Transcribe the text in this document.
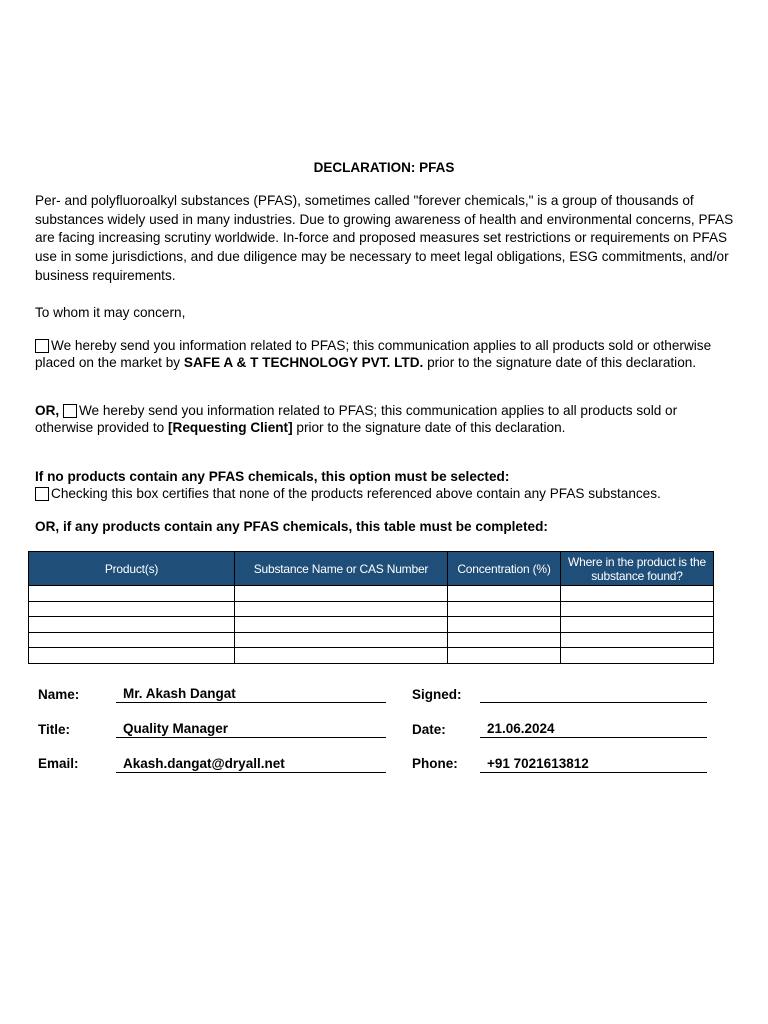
DECLARATION: PFAS
Per- and polyfluoroalkyl substances (PFAS), sometimes called "forever chemicals," is a group of thousands of substances widely used in many industries. Due to growing awareness of health and environmental concerns, PFAS are facing increasing scrutiny worldwide. In-force and proposed measures set restrictions or requirements on PFAS use in some jurisdictions, and due diligence may be necessary to meet legal obligations, ESG commitments, and/or business requirements.
To whom it may concern,
We hereby send you information related to PFAS; this communication applies to all products sold or otherwise placed on the market by SAFE A & T TECHNOLOGY PVT. LTD. prior to the signature date of this declaration.
OR, We hereby send you information related to PFAS; this communication applies to all products sold or otherwise provided to [Requesting Client] prior to the signature date of this declaration.
If no products contain any PFAS chemicals, this option must be selected:
Checking this box certifies that none of the products referenced above contain any PFAS substances.
OR, if any products contain any PFAS chemicals, this table must be completed:
Product(s)	Substance Name or CAS Number	Concentration (%)	Where in the product is the substance found?

Name:	Mr. Akash Dangat	Signed:
Title:	Quality Manager	Date:	21.06.2024
Email:	Akash.dangat@dryall.net	Phone:	+91 7021613812
